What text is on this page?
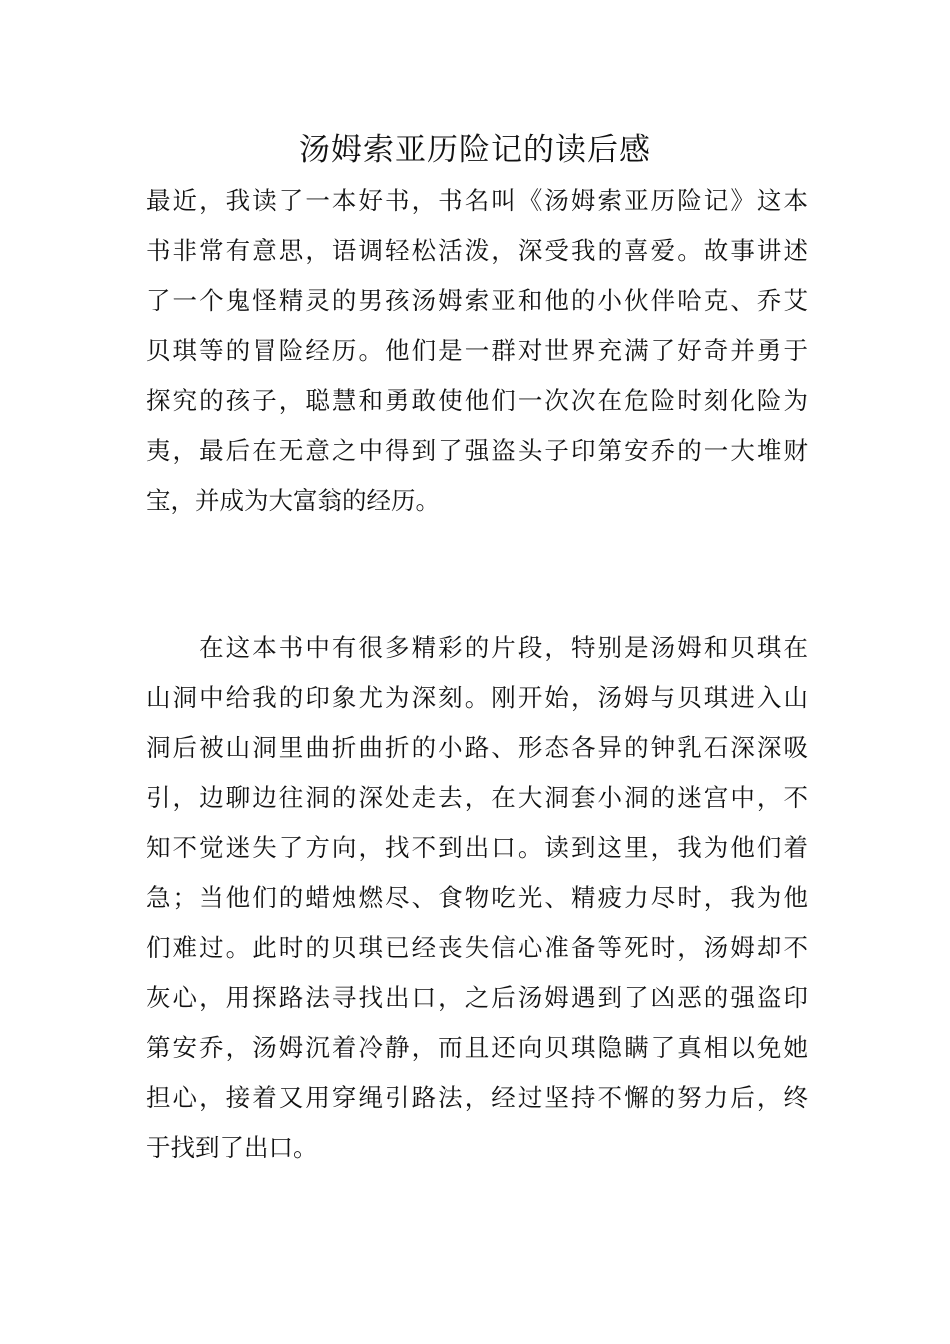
汤姆索亚历险记的读后感
最近，我读了一本好书，书名叫《汤姆索亚历险记》这本
书非常有意思，语调轻松活泼，深受我的喜爱。故事讲述
了一个鬼怪精灵的男孩汤姆索亚和他的小伙伴哈克、乔艾
贝琪等的冒险经历。他们是一群对世界充满了好奇并勇于
探究的孩子，聪慧和勇敢使他们一次次在危险时刻化险为
夷，最后在无意之中得到了强盗头子印第安乔的一大堆财
宝，并成为大富翁的经历。
　　在这本书中有很多精彩的片段，特别是汤姆和贝琪在
山洞中给我的印象尤为深刻。刚开始，汤姆与贝琪进入山
洞后被山洞里曲折曲折的小路、形态各异的钟乳石深深吸
引，边聊边往洞的深处走去，在大洞套小洞的迷宫中，不
知不觉迷失了方向，找不到出口。读到这里，我为他们着
急；当他们的蜡烛燃尽、食物吃光、精疲力尽时，我为他
们难过。此时的贝琪已经丧失信心准备等死时，汤姆却不
灰心，用探路法寻找出口，之后汤姆遇到了凶恶的强盗印
第安乔，汤姆沉着冷静，而且还向贝琪隐瞒了真相以免她
担心，接着又用穿绳引路法，经过坚持不懈的努力后，终
于找到了出口。
